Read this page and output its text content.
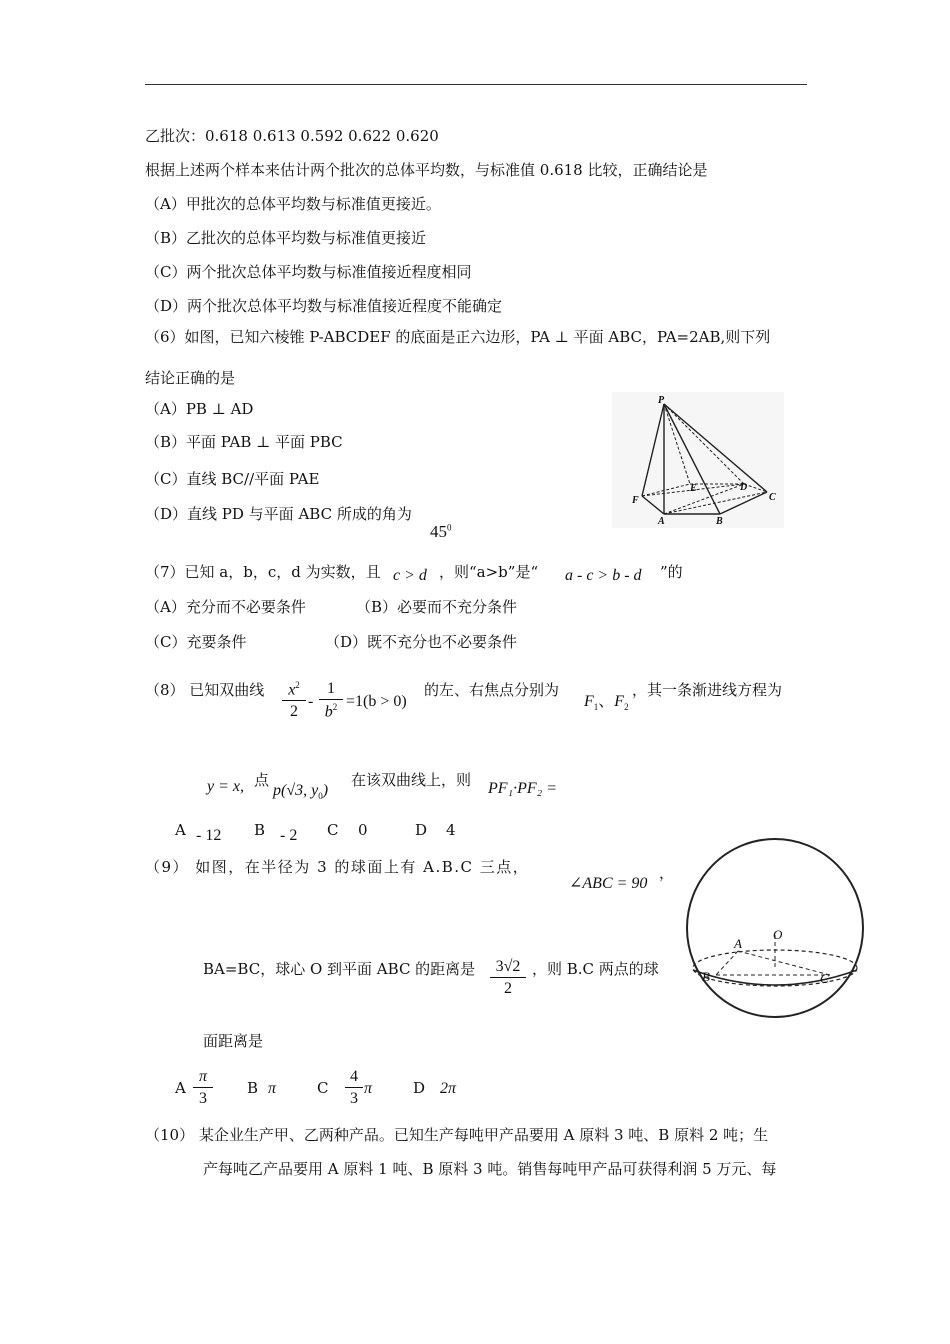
乙批次：0.618 0.613 0.592 0.622 0.620
根据上述两个样本来估计两个批次的总体平均数，与标准值 0.618 比较，正确结论是
（A）甲批次的总体平均数与标准值更接近。
（B）乙批次的总体平均数与标准值更接近
（C）两个批次总体平均数与标准值接近程度相同
（D）两个批次总体平均数与标准值接近程度不能确定
（6）如图，已知六棱锥 P-ABCDEF 的底面是正六边形，PA ⊥ 平面 ABC，PA=2AB,则下列
结论正确的是
（A）PB ⊥ AD
（B）平面 PAB ⊥ 平面 PBC
（C）直线 BC//平面 PAE
（D）直线 PD 与平面 ABC 所成的角为
$45^0$
P
E	D
C
F
A	B
（7）已知 a，b，c，d 为实数，且 c > d ，则“a>b”是“ a - c > b - d ”的
（A）充分而不必要条件	（B）必要而不充分条件
（C）充要条件	（D）既不充分也不必要条件
（8） 已知双曲线 $\frac{x^2}{2} - \frac{1}{b^2} =1(b > 0)$
的左、右焦点分别为
$F_1$、$F_2$
，其一条渐进线方程为
y = x, 点
p(√3, $y_0$)
在该双曲线上，则 PF₁·PF₂ =
A - 12 B - 2 C 0	D 4
（9） 如图，在半径为 3 的球面上有 A.B.C 三点，
∠ABC = 90
，
BA=BC，球心 O 到平面 ABC 的距离是 $\frac{3√2}{2}$ ，则 B.C 两点的球
面距离是
A $\frac{\pi}{3}$ B π	C $\frac{4}{3}$ π	D 2π
A
O
B	C
（10） 某企业生产甲、乙两种产品。已知生产每吨甲产品要用 A 原料 3 吨、B 原料 2 吨；生
产每吨乙产品要用 A 原料 1 吨、B 原料 3 吨。销售每吨甲产品可获得利润 5 万元、每
